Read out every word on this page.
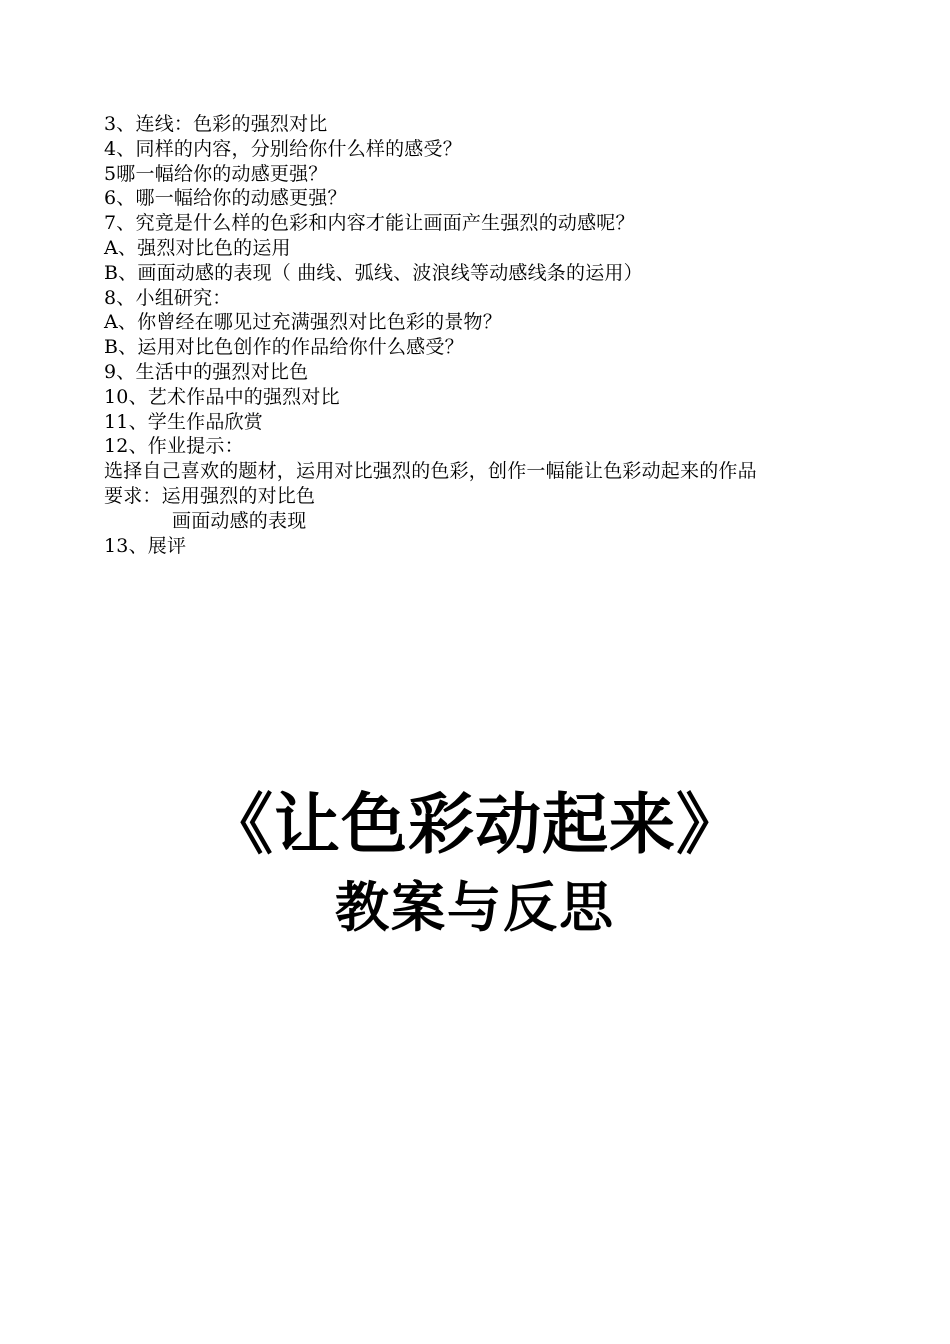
3、连线：色彩的强烈对比
4、同样的内容，分别给你什么样的感受？
5哪一幅给你的动感更强？
6、哪一幅给你的动感更强？
7、究竟是什么样的色彩和内容才能让画面产生强烈的动感呢？
A、强烈对比色的运用
B、画面动感的表现（ 曲线、弧线、波浪线等动感线条的运用）
8、小组研究：
A、你曾经在哪见过充满强烈对比色彩的景物？
B、运用对比色创作的作品给你什么感受？
9、生活中的强烈对比色
10、艺术作品中的强烈对比
11、学生作品欣赏
12、作业提示：
选择自己喜欢的题材，运用对比强烈的色彩，创作一幅能让色彩动起来的作品
要求：运用强烈的对比色
画面动感的表现
13、展评
《让色彩动起来》
教案与反思
